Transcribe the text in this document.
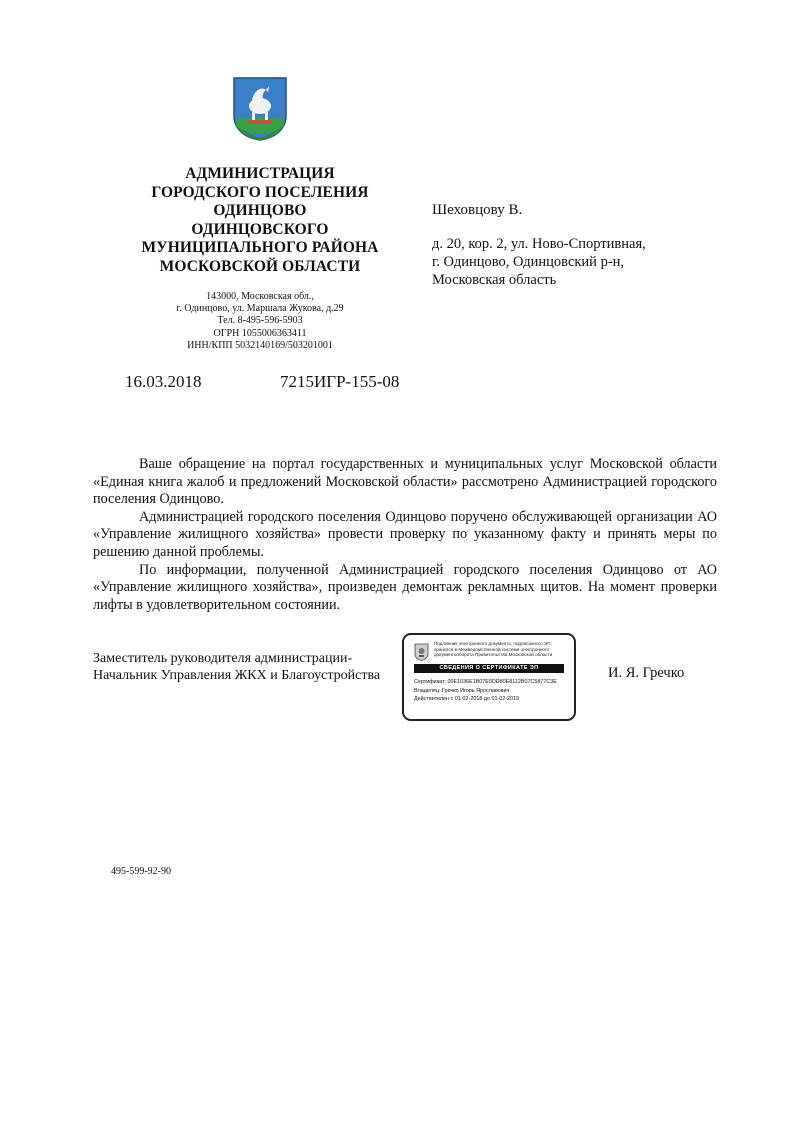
АДМИНИСТРАЦИЯ
ГОРОДСКОГО ПОСЕЛЕНИЯ
ОДИНЦОВО
ОДИНЦОВСКОГО
МУНИЦИПАЛЬНОГО РАЙОНА
МОСКОВСКОЙ ОБЛАСТИ
143000, Московская обл.,
г. Одинцово, ул. Маршала Жукова, д.29
Тел. 8-495-596-5903
ОГРН 1055006363411
ИНН/КПП 5032140169/503201001
16.03.2018	7215ИГР-155-08
Шеховцову В.
д. 20, кор. 2, ул. Ново-Спортивная,
г. Одинцово, Одинцовский р-н,
Московская область

Ваше обращение на портал государственных и муниципальных услуг Московской области «Единая книга жалоб и предложений Московской области» рассмотрено Администрацией городского поселения Одинцово.

Администрацией городского поселения Одинцово поручено обслуживающей организации АО «Управление жилищного хозяйства» провести проверку по указанному факту и принять меры по решению данной проблемы.

По информации, полученной Администрацией городского поселения Одинцово от АО «Управление жилищного хозяйства», произведен демонтаж рекламных щитов. На момент проверки лифты в удовлетворительном состоянии.

Заместитель руководителя администрации-
Начальник Управления ЖКХ и Благоустройства
Подлинник электронного документа, подписанного ЭП,
хранится в Межведомственной системе электронного
документооборота Правительства Московской области
СВЕДЕНИЯ О СЕРТИФИКАТЕ ЭП
Сертификат: 00E1036E1B07E0DD80E8112B07C5877C3E
Владелец: Гречко Игорь Ярославович
Действителен с 01-02-2018 до 01-02-2019
И. Я. Гречко
495-599-92-90
